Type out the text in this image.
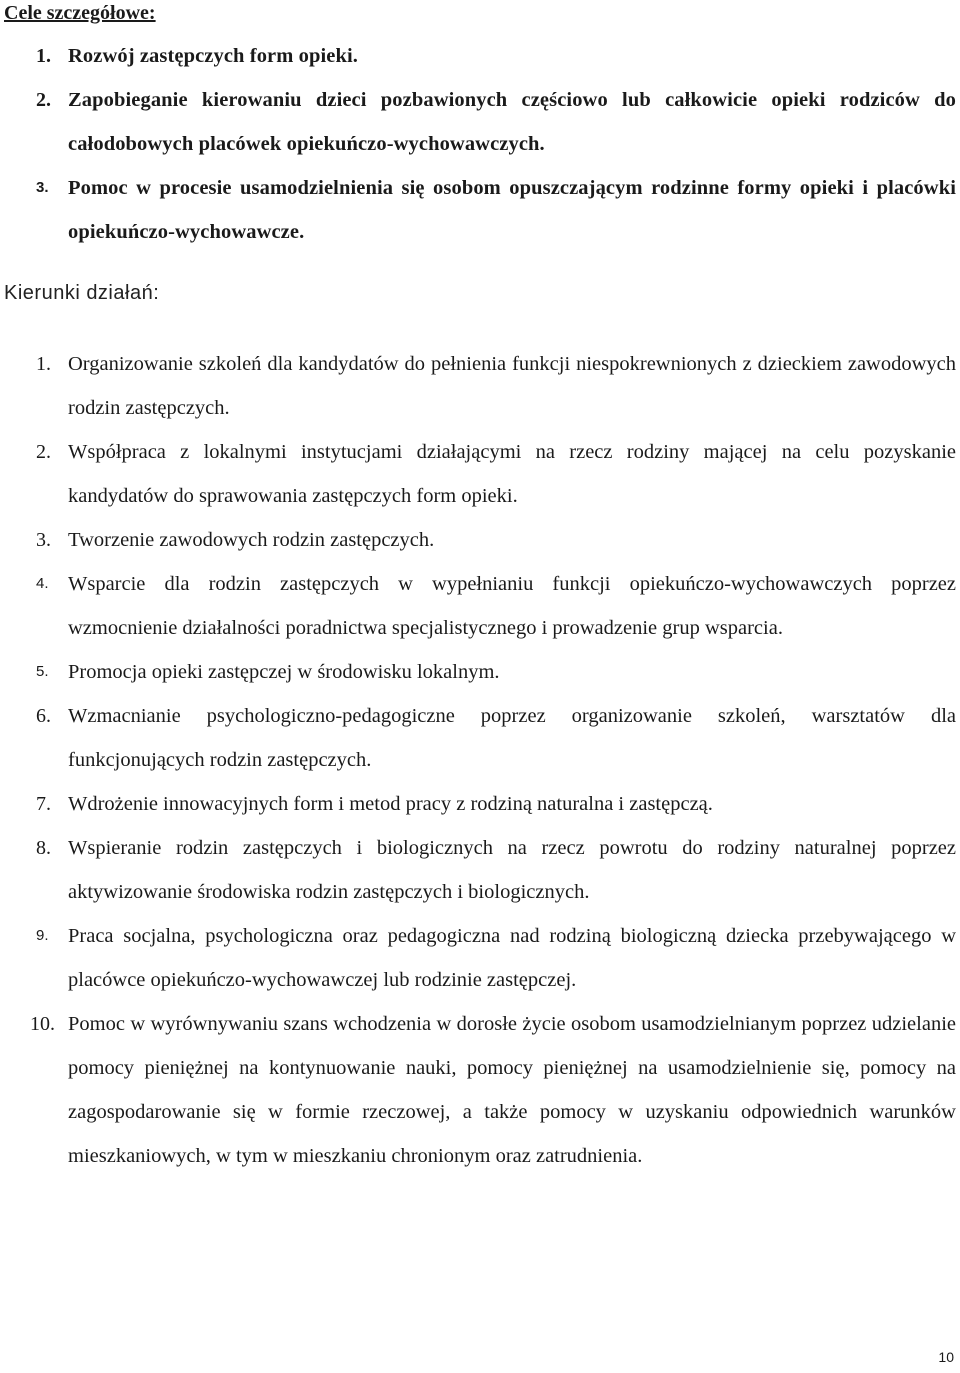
Cele szczegółowe:
1. Rozwój zastępczych form opieki.
2. Zapobieganie kierowaniu dzieci pozbawionych częściowo lub całkowicie opieki rodziców do całodobowych placówek opiekuńczo-wychowawczych.
3. Pomoc w procesie usamodzielnienia się osobom opuszczającym rodzinne formy opieki i placówki opiekuńczo-wychowawcze.
Kierunki działań:
1. Organizowanie szkoleń dla kandydatów do pełnienia funkcji niespokrewnionych z dzieckiem zawodowych rodzin zastępczych.
2. Współpraca z lokalnymi instytucjami działającymi na rzecz rodziny mającej na celu pozyskanie kandydatów do sprawowania zastępczych form opieki.
3. Tworzenie zawodowych rodzin zastępczych.
4. Wsparcie dla rodzin zastępczych w wypełnianiu funkcji opiekuńczo-wychowawczych poprzez wzmocnienie działalności poradnictwa specjalistycznego i prowadzenie grup wsparcia.
5. Promocja opieki zastępczej w środowisku lokalnym.
6. Wzmacnianie psychologiczno-pedagogiczne poprzez organizowanie szkoleń, warsztatów dla funkcjonujących rodzin zastępczych.
7. Wdrożenie innowacyjnych form i metod pracy z rodziną naturalna i zastępczą.
8. Wspieranie rodzin zastępczych i biologicznych na rzecz powrotu do rodziny naturalnej poprzez aktywizowanie środowiska rodzin zastępczych i biologicznych.
9. Praca socjalna, psychologiczna oraz pedagogiczna nad rodziną biologiczną dziecka przebywającego w placówce opiekuńczo-wychowawczej lub rodzinie zastępczej.
10. Pomoc w wyrównywaniu szans wchodzenia w dorosłe życie osobom usamodzielnianym poprzez udzielanie pomocy pieniężnej na kontynuowanie nauki, pomocy pieniężnej na usamodzielnienie się, pomocy na zagospodarowanie się w formie rzeczowej, a także pomocy w uzyskaniu odpowiednich warunków mieszkaniowych, w tym w mieszkaniu chronionym oraz zatrudnienia.
10
